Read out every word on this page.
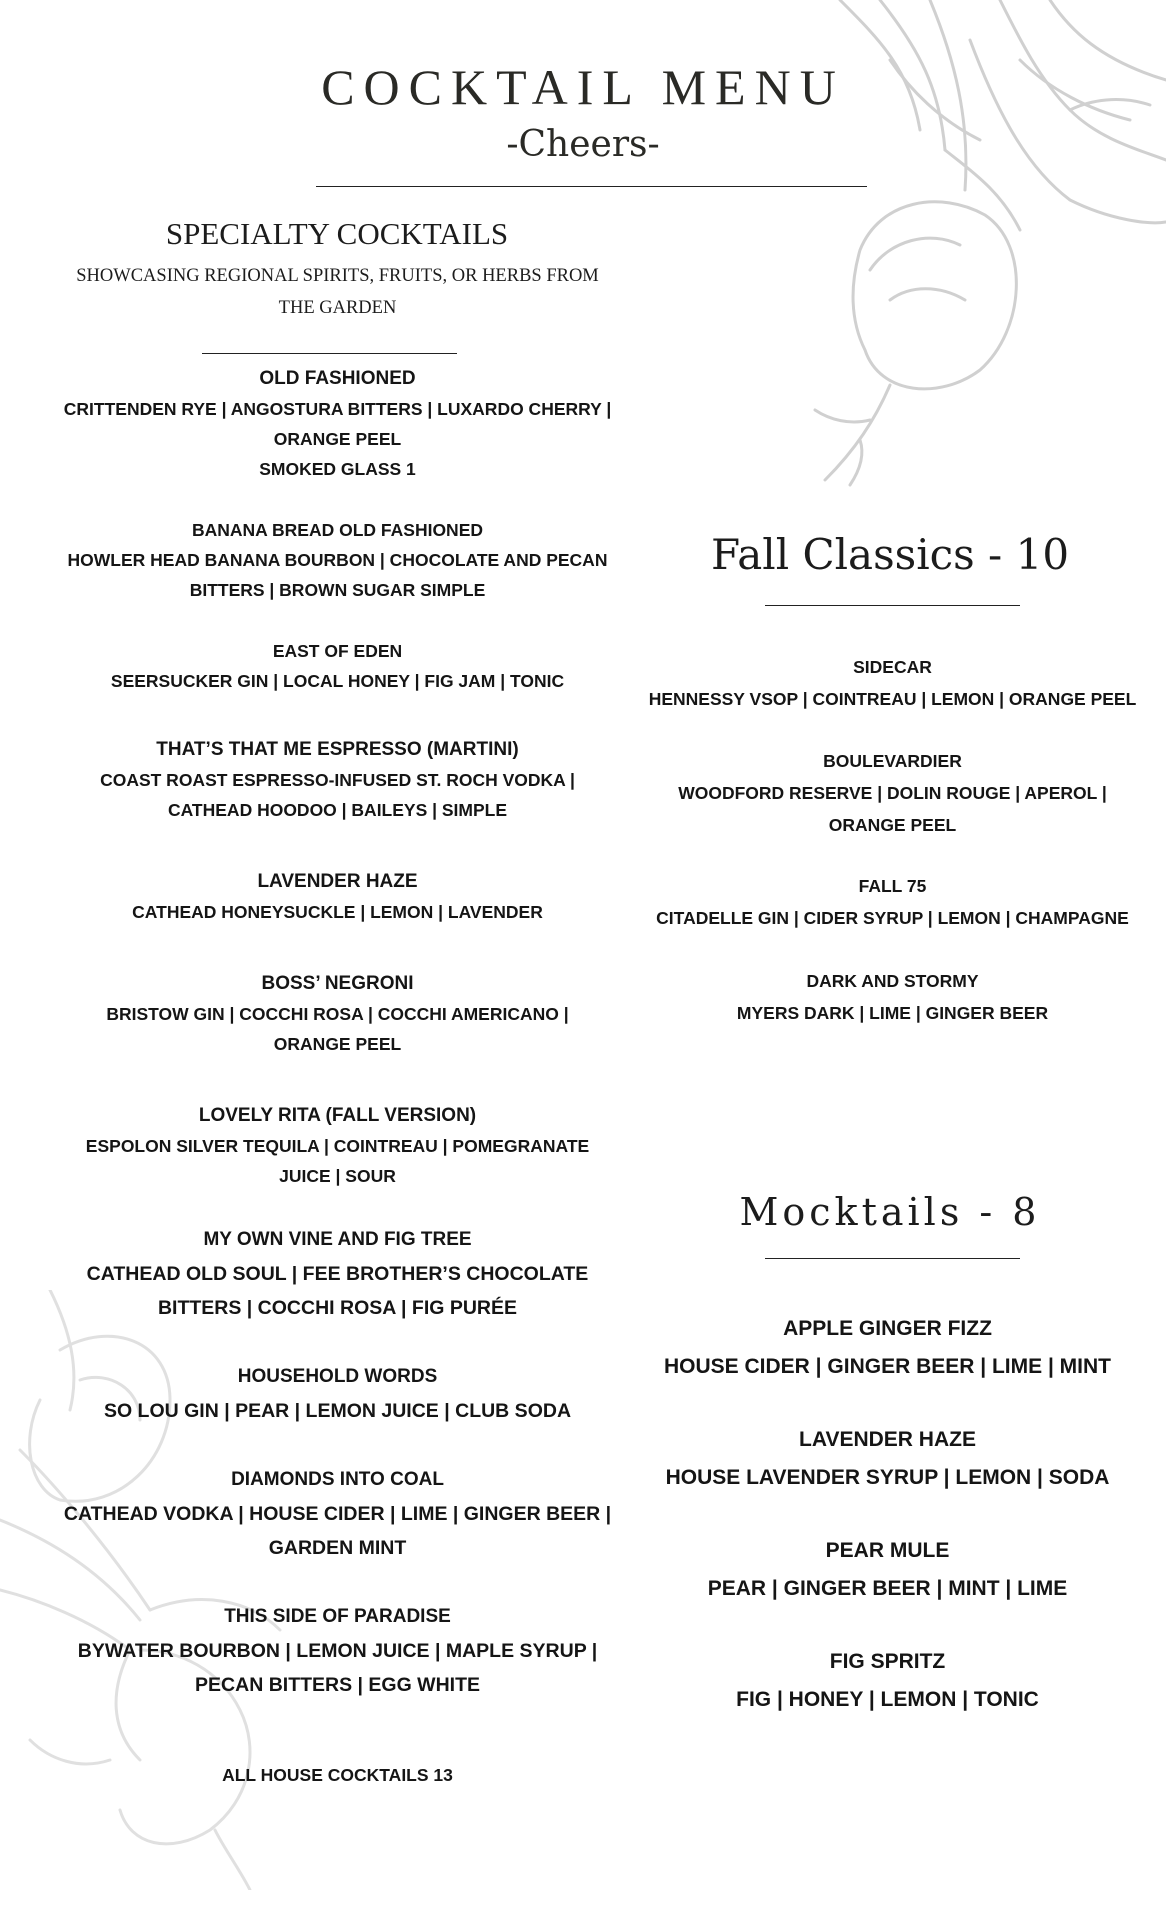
COCKTAIL MENU
-Cheers-
SPECIALTY COCKTAILS
SHOWCASING REGIONAL SPIRITS, FRUITS, OR HERBS FROM THE GARDEN
OLD FASHIONED
CRITTENDEN RYE | ANGOSTURA BITTERS | LUXARDO CHERRY | ORANGE PEEL
SMOKED GLASS 1
BANANA BREAD OLD FASHIONED
HOWLER HEAD BANANA BOURBON | CHOCOLATE AND PECAN BITTERS | BROWN SUGAR SIMPLE
EAST OF EDEN
SEERSUCKER GIN | LOCAL HONEY | FIG JAM | TONIC
THAT’S THAT ME ESPRESSO (MARTINI)
COAST ROAST ESPRESSO-INFUSED ST. ROCH VODKA | CATHEAD HOODOO | BAILEYS | SIMPLE
LAVENDER HAZE
CATHEAD HONEYSUCKLE | LEMON | LAVENDER
BOSS’ NEGRONI
BRISTOW GIN | COCCHI ROSA | COCCHI AMERICANO | ORANGE PEEL
LOVELY RITA (FALL VERSION)
ESPOLON SILVER TEQUILA | COINTREAU | POMEGRANATE JUICE | SOUR
MY OWN VINE AND FIG TREE
CATHEAD OLD SOUL | FEE BROTHER’S CHOCOLATE BITTERS | COCCHI ROSA | FIG PURÉE
HOUSEHOLD WORDS
SO LOU GIN | PEAR | LEMON JUICE | CLUB SODA
DIAMONDS INTO COAL
CATHEAD VODKA | HOUSE CIDER | LIME | GINGER BEER | GARDEN MINT
THIS SIDE OF PARADISE
BYWATER BOURBON | LEMON JUICE | MAPLE SYRUP | PECAN BITTERS | EGG WHITE
ALL HOUSE COCKTAILS 13
Fall Classics - 10
SIDECAR
HENNESSY VSOP | COINTREAU | LEMON | ORANGE PEEL
BOULEVARDIER
WOODFORD RESERVE | DOLIN ROUGE | APEROL | ORANGE PEEL
FALL 75
CITADELLE GIN | CIDER SYRUP | LEMON | CHAMPAGNE
DARK AND STORMY
MYERS DARK | LIME | GINGER BEER
Mocktails - 8
APPLE GINGER FIZZ
HOUSE CIDER | GINGER BEER | LIME | MINT
LAVENDER HAZE
HOUSE LAVENDER SYRUP | LEMON | SODA
PEAR MULE
PEAR | GINGER BEER | MINT | LIME
FIG SPRITZ
FIG | HONEY | LEMON | TONIC
